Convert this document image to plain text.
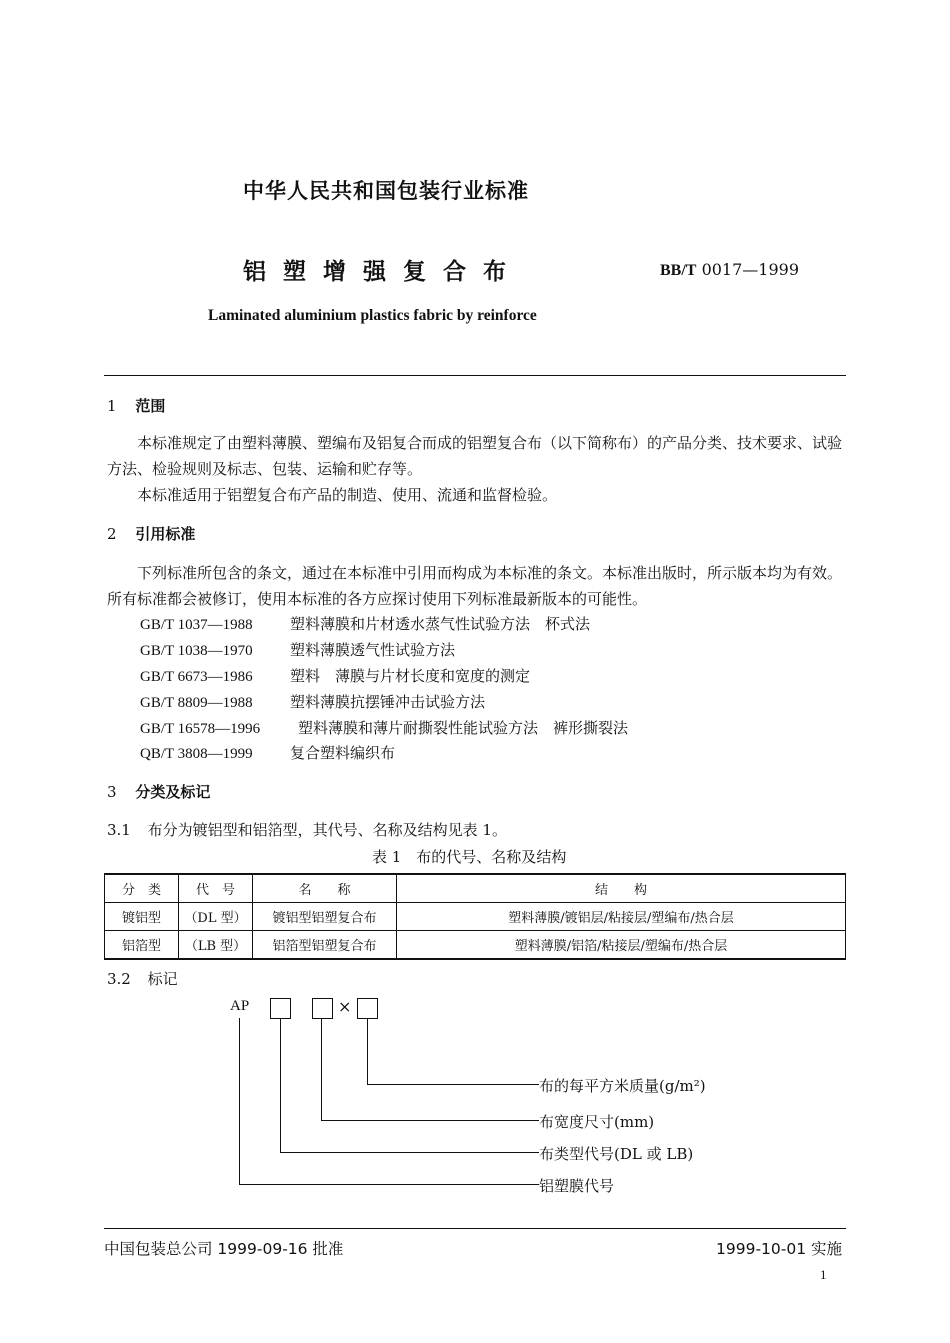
中华人民共和国包装行业标准
铝塑增强复合布	BB/T 0017—1999
Laminated aluminium plastics fabric by reinforce
1 范围

本标准规定了由塑料薄膜、塑编布及铝复合而成的铝塑复合布（以下简称布）的产品分类、技术要求、试验方法、检验规则及标志、包装、运输和贮存等。

本标准适用于铝塑复合布产品的制造、使用、流通和监督检验。

2 引用标准

下列标准所包含的条文，通过在本标准中引用而构成为本标准的条文。本标准出版时，所示版本均为有效。所有标准都会被修订，使用本标准的各方应探讨使用下列标准最新版本的可能性。

GB/T 1037—1988 塑料薄膜和片材透水蒸气性试验方法　杯式法
GB/T 1038—1970 塑料薄膜透气性试验方法
GB/T 6673—1986 塑料　薄膜与片材长度和宽度的测定
GB/T 8809—1988 塑料薄膜抗摆锤冲击试验方法
GB/T 16578—1996	塑料薄膜和薄片耐撕裂性能试验方法　裤形撕裂法
QB/T 3808—1999 复合塑料编织布
3 分类及标记
3.1 布分为镀铝型和铝箔型，其代号、名称及结构见表 1。
表 1　布的代号、名称及结构
分　类	代　号	名　　称	结　　构
镀铝型	（DL 型）	镀铝型铝塑复合布	塑料薄膜/镀铝层/粘接层/塑编布/热合层
铝箔型	（LB 型）	铝箔型铝塑复合布	塑料薄膜/铝箔/粘接层/塑编布/热合层
3.2 标记
AP	×
布的每平方米质量(g/m²)
布宽度尺寸(mm)
布类型代号(DL 或 LB)
铝塑膜代号
中国包装总公司 1999-09-16 批准	1999-10-01 实施
1
